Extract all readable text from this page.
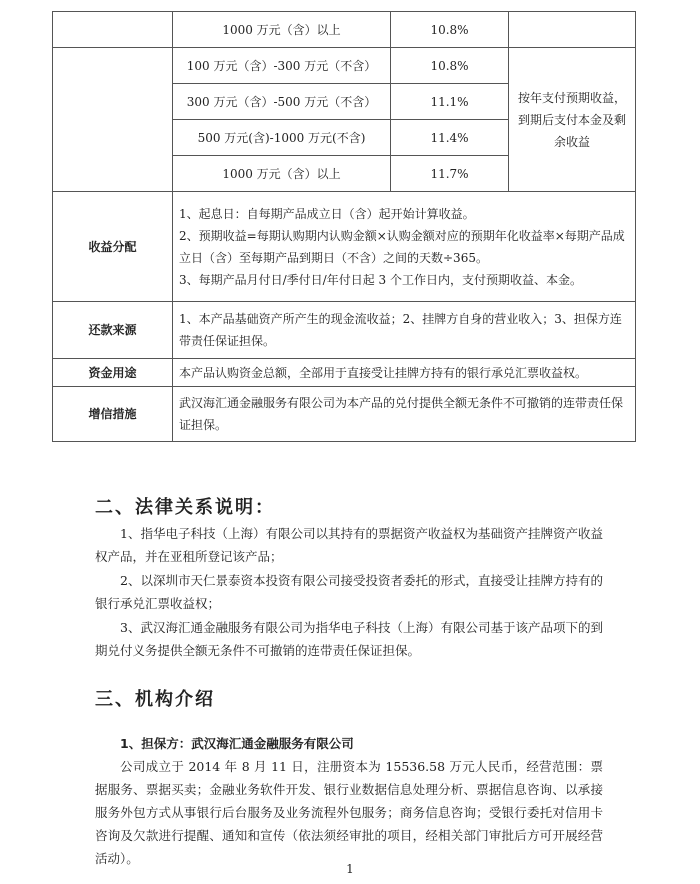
	1000 万元（含）以上	10.8%	
	100 万元（含）-300 万元（不含）	10.8%	按年支付预期收益，到期后支付本金及剩余收益
	300 万元（含）-500 万元（不含）	11.1%	
	500 万元(含)-1000 万元(不含)	11.4%	
	1000 万元（含）以上	11.7%	
收益分配	1、起息日：自每期产品成立日（含）起开始计算收益。

2、预期收益=每期认购期内认购金额×认购金额对应的预期年化收益率×每期产品成立日（含）至每期产品到期日（不含）之间的天数÷365。

3、每期产品月付日/季付日/年付日起 3 个工作日内，支付预期收益、本金。		

还款来源	1、本产品基础资产所产生的现金流收益；2、挂牌方自身的营业收入；3、担保方连带责任保证担保。		

资金用途	本产品认购资金总额，全部用于直接受让挂牌方持有的银行承兑汇票收益权。		

增信措施	武汉海汇通金融服务有限公司为本产品的兑付提供全额无条件不可撤销的连带责任保证担保。		

二、法律关系说明：

1、指华电子科技（上海）有限公司以其持有的票据资产收益权为基础资产挂牌资产收益权产品，并在亚租所登记该产品；

2、以深圳市天仁景泰资本投资有限公司接受投资者委托的形式，直接受让挂牌方持有的银行承兑汇票收益权；

3、武汉海汇通金融服务有限公司为指华电子科技（上海）有限公司基于该产品项下的到期兑付义务提供全额无条件不可撤销的连带责任保证担保。

三、机构介绍
1、担保方：武汉海汇通金融服务有限公司

公司成立于 2014 年 8 月 11 日，注册资本为 15536.58 万元人民币，经营范围：票据服务、票据买卖；金融业务软件开发、银行业数据信息处理分析、票据信息咨询、以承接服务外包方式从事银行后台服务及业务流程外包服务；商务信息咨询；受银行委托对信用卡咨询及欠款进行提醒、通知和宣传（依法须经审批的项目，经相关部门审批后方可开展经营活动）。

1
